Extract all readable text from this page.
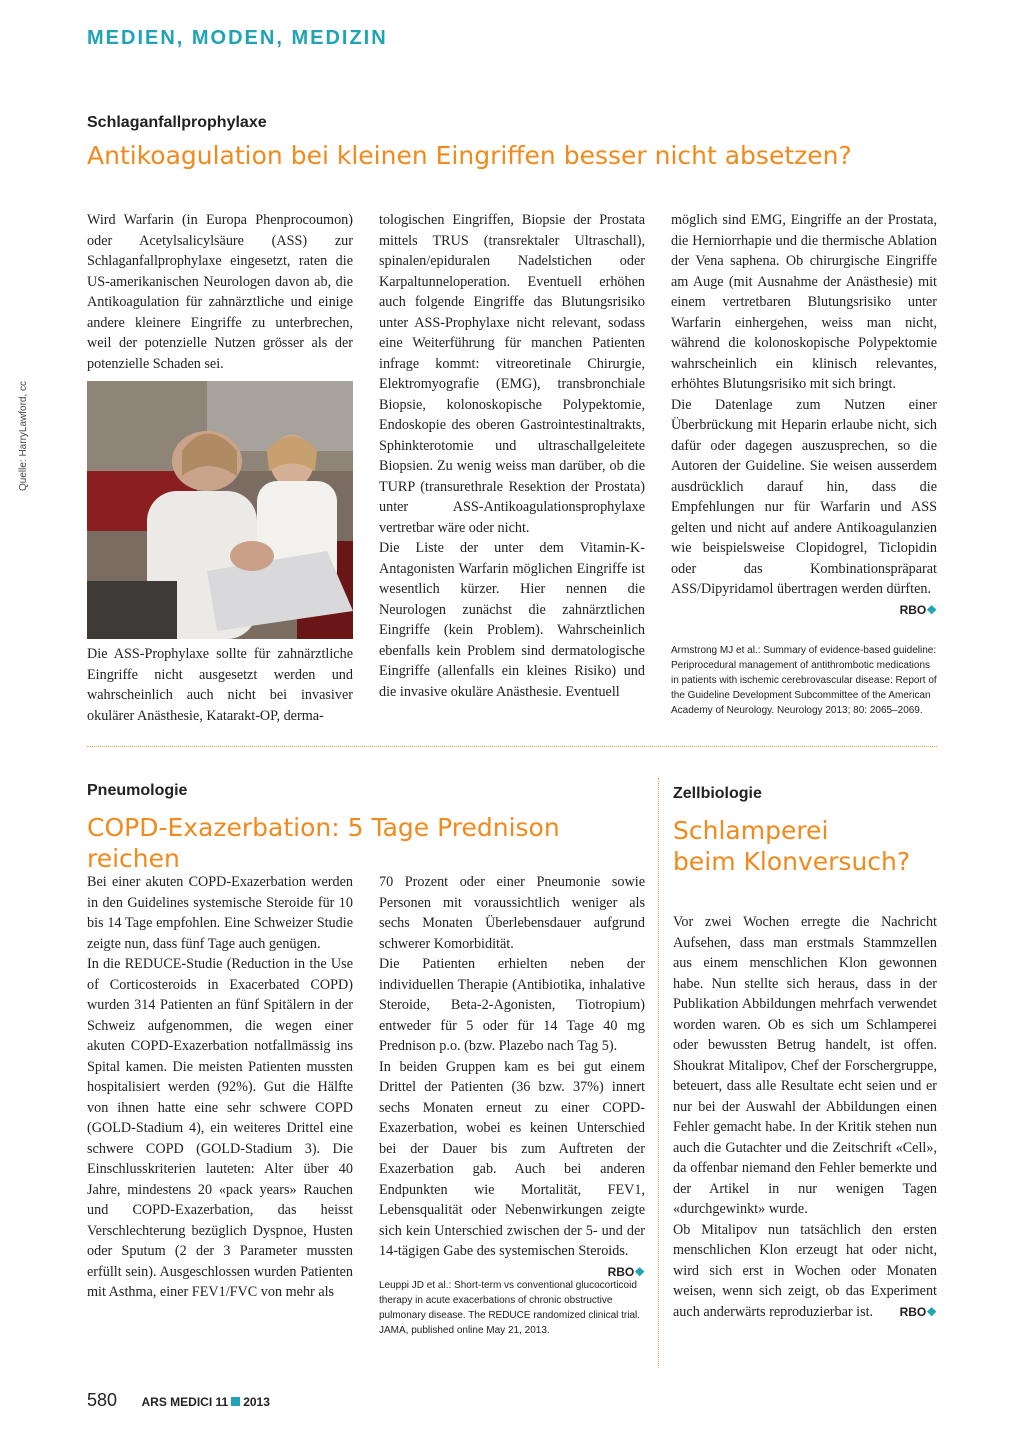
MEDIEN, MODEN, MEDIZIN
Schlaganfallprophylaxe
Antikoagulation bei kleinen Eingriffen besser nicht absetzen?

Wird Warfarin (in Europa Phenprocoumon) oder Acetylsalicylsäure (ASS) zur Schlaganfallprophylaxe eingesetzt, raten die US-amerikanischen Neurologen davon ab, die Antikoagulation für zahnärztliche und einige andere kleinere Eingriffe zu unterbrechen, weil der potenzielle Nutzen grösser als der potenzielle Schaden sei.

Quelle: HarryLawford, cc

Die ASS-Prophylaxe sollte für zahnärztliche Eingriffe nicht ausgesetzt werden und wahrscheinlich auch nicht bei invasiver okulärer Anästhesie, Katarakt-OP, derma-

tologischen Eingriffen, Biopsie der Prostata mittels TRUS (transrektaler Ultraschall), spinalen/epiduralen Nadelstichen oder Karpaltunneloperation. Eventuell erhöhen auch folgende Eingriffe das Blutungsrisiko unter ASS-Prophylaxe nicht relevant, sodass eine Weiterführung für manchen Patienten infrage kommt: vitreoretinale Chirurgie, Elektromyografie (EMG), transbronchiale Biopsie, kolonoskopische Polypektomie, Endoskopie des oberen Gastrointestinaltrakts, Sphinkterotomie und ultraschallgeleitete Biopsien. Zu wenig weiss man darüber, ob die TURP (transurethrale Resektion der Prostata) unter ASS-Antikoagulationsprophylaxe vertretbar wäre oder nicht.

Die Liste der unter dem Vitamin-K-Antagonisten Warfarin möglichen Eingriffe ist wesentlich kürzer. Hier nennen die Neurologen zunächst die zahnärztlichen Eingriffe (kein Problem). Wahrscheinlich ebenfalls kein Problem sind dermatologische Eingriffe (allenfalls ein kleines Risiko) und die invasive okuläre Anästhesie. Eventuell

möglich sind EMG, Eingriffe an der Prostata, die Herniorrhapie und die thermische Ablation der Vena saphena. Ob chirurgische Eingriffe am Auge (mit Ausnahme der Anästhesie) mit einem vertretbaren Blutungsrisiko unter Warfarin einhergehen, weiss man nicht, während die kolonoskopische Polypektomie wahrscheinlich ein klinisch relevantes, erhöhtes Blutungsrisiko mit sich bringt.

Die Datenlage zum Nutzen einer Überbrückung mit Heparin erlaube nicht, sich dafür oder dagegen auszusprechen, so die Autoren der Guideline. Sie weisen ausserdem ausdrücklich darauf hin, dass die Empfehlungen nur für Warfarin und ASS gelten und nicht auf andere Antikoagulanzien wie beispielsweise Clopidogrel, Ticlopidin oder das Kombinationspräparat ASS/Dipyridamol übertragen werden dürften.
RBO❖

Armstrong MJ et al.: Summary of evidence-based guideline: Periprocedural management of antithrombotic medications in patients with ischemic cerebrovascular disease: Report of the Guideline Development Subcommittee of the American Academy of Neurology. Neurology 2013; 80: 2065–2069.
Pneumologie
COPD-Exazerbation: 5 Tage Prednison reichen

Bei einer akuten COPD-Exazerbation werden in den Guidelines systemische Steroide für 10 bis 14 Tage empfohlen. Eine Schweizer Studie zeigte nun, dass fünf Tage auch genügen.

In die REDUCE-Studie (Reduction in the Use of Corticosteroids in Exacerbated COPD) wurden 314 Patienten an fünf Spitälern in der Schweiz aufgenommen, die wegen einer akuten COPD-Exazerbation notfallmässig ins Spital kamen. Die meisten Patienten mussten hospitalisiert werden (92%). Gut die Hälfte von ihnen hatte eine sehr schwere COPD (GOLD-Stadium 4), ein weiteres Drittel eine schwere COPD (GOLD-Stadium 3). Die Einschlusskriterien lauteten: Alter über 40 Jahre, mindestens 20 «pack years» Rauchen und COPD-Exazerbation, das heisst Verschlechterung bezüglich Dyspnoe, Husten oder Sputum (2 der 3 Parameter mussten erfüllt sein). Ausgeschlossen wurden Patienten mit Asthma, einer FEV1/FVC von mehr als

70 Prozent oder einer Pneumonie sowie Personen mit voraussichtlich weniger als sechs Monaten Überlebensdauer aufgrund schwerer Komorbidität.

Die Patienten erhielten neben der individuellen Therapie (Antibiotika, inhalative Steroide, Beta-2-Agonisten, Tiotropium) entweder für 5 oder für 14 Tage 40 mg Prednison p.o. (bzw. Plazebo nach Tag 5).

In beiden Gruppen kam es bei gut einem Drittel der Patienten (36 bzw. 37%) innert sechs Monaten erneut zu einer COPD-Exazerbation, wobei es keinen Unterschied bei der Dauer bis zum Auftreten der Exazerbation gab. Auch bei anderen Endpunkten wie Mortalität, FEV1, Lebensqualität oder Nebenwirkungen zeigte sich kein Unterschied zwischen der 5- und der 14-tägigen Gabe des systemischen Steroids.
RBO❖

Leuppi JD et al.: Short-term vs conventional glucocorticoid therapy in acute exacerbations of chronic obstructive pulmonary disease. The REDUCE randomized clinical trial. JAMA, published online May 21, 2013.
Zellbiologie
Schlamperei
beim Klonversuch?

Vor zwei Wochen erregte die Nachricht Aufsehen, dass man erstmals Stammzellen aus einem menschlichen Klon gewonnen habe. Nun stellte sich heraus, dass in der Publikation Abbildungen mehrfach verwendet worden waren. Ob es sich um Schlamperei oder bewussten Betrug handelt, ist offen. Shoukrat Mitalipov, Chef der Forschergruppe, beteuert, dass alle Resultate echt seien und er nur bei der Auswahl der Abbildungen einen Fehler gemacht habe. In der Kritik stehen nun auch die Gutachter und die Zeitschrift «Cell», da offenbar niemand den Fehler bemerkte und der Artikel in nur wenigen Tagen «durchgewinkt» wurde.

Ob Mitalipov nun tatsächlich den ersten menschlichen Klon erzeugt hat oder nicht, wird sich erst in Wochen oder Monaten weisen, wenn sich zeigt, ob das Experiment auch anderwärts reproduzierbar ist. RBO❖

580 ARS MEDICI 11 2013
